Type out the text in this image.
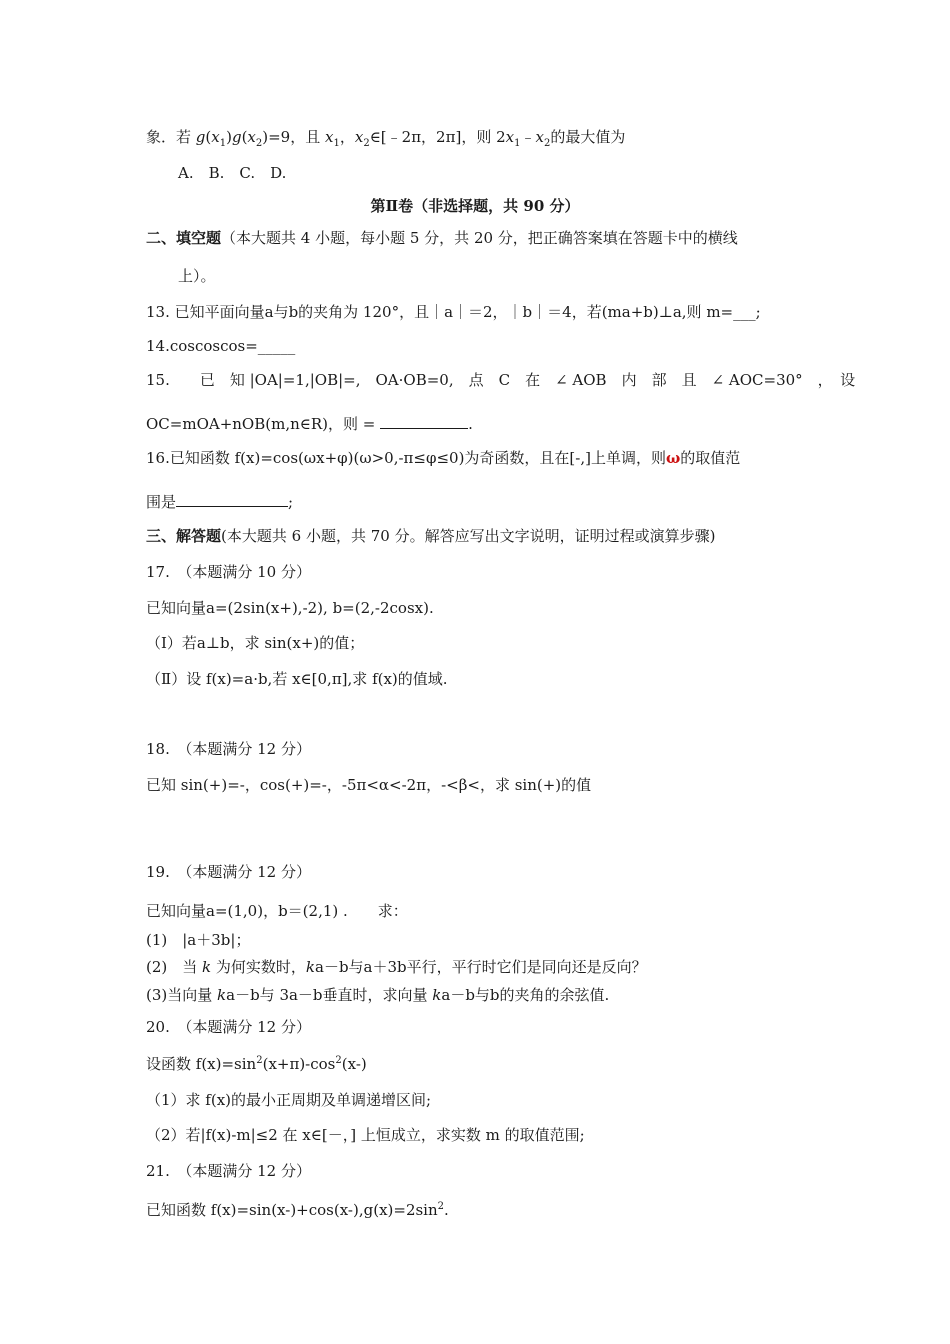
象．若 $g(x_1)g(x_2)=9$，且 $x_1$，$x_2\in[﹣2\pi$，2π]，则 $2x_1﹣x_2$的最大值为
A.　B.　C.　D.
第Ⅱ卷（非选择题，共 90 分）
二、填空题（本大题共 4 小题，每小题 5 分，共 20 分，把正确答案填在答题卡中的横线
上）。
13. 已知平面向量a与b的夹角为 120°，且｜a｜＝2，｜b｜＝4，若(ma+b)⊥a,则 m=___;
14.coscoscos=_____
15.　　已　知 |OA|=1,|OB|=,　OA·OB=0,　点　C　在　∠ AOB　内　部　且　∠ AOC=30°　，　设
OC=mOA+nOB(m,n∈R)，则 =	.
16.已知函数 f(x)=cos(ωx+φ)(ω>0,-π≤φ≤0)为奇函数，且在[-,]上单调，则ω的取值范
围是	;
三、解答题(本大题共 6 小题，共 70 分。解答应写出文字说明，证明过程或演算步骤)
17.　（本题满分 10 分）
已知向量a=(2sin(x+),-2), b=(2,-2cosx).
（Ⅰ）若a⊥b，求 sin(x+)的值；
（Ⅱ）设 f(x)=a·b,若 x∈[0,π],求 f(x)的值域.
18.　（本题满分 12 分）
已知 sin(+)=-，cos(+)=-，-5π<α<-2π，-<β<，求 sin(+)的值
19.　（本题满分 12 分）
已知向量a=(1,0)，b＝(2,1) .　　求：
(1)　|a＋3b|；
(2)　当 k 为何实数时，ka－b与a＋3b平行，平行时它们是同向还是反向？
(3)当向量 ka－b与 3a－b垂直时，求向量 ka－b与b的夹角的余弦值.
20.　（本题满分 12 分）
设函数 $f(x)=\sin^2(x+\pi)-\cos^2(x-)$
（1）求 f(x)的最小正周期及单调递增区间;
（2）若|f(x)-m|≤2 在 x∈[－，] 上恒成立，求实数 m 的取值范围;
21.　（本题满分 12 分）
已知函数 $f(x)=\sin(x-)+\cos(x-),g(x)=2\sin^2$.
